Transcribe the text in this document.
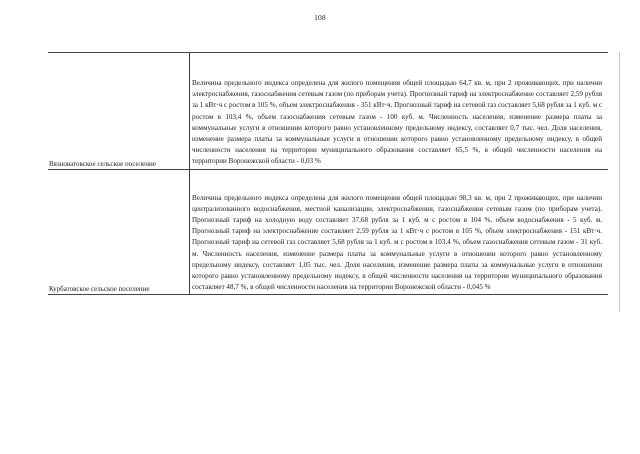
108
Вязноватовское сельское поселение
Величина предельного индекса определена для жилого помещения общей площадью 64,7 кв. м, при 2 проживающих, при наличии электроснабжения, газоснабжения сетевым газом (по приборам учета). Прогнозный тариф на электроснабжение составляет 2,59 рубля за 1 кВт·ч с ростом в 105 %, объем электроснабжения - 351 кВт·ч. Прогнозный тариф на сетевой газ составляет 5,68 рубля за 1 куб. м с ростом в 103,4 %, объем газоснабжения сетевым газом - 100 куб. м. Численность населения, изменение размера платы за коммунальные услуги в отношении которого равно установленному предельному индексу, составляет 0,7 тыс. чел. Доля населения, изменение размера платы за коммунальные услуги в отношении которого равно установленному предельному индексу, в общей численности населения на территории муниципального образования составляет 65,5 %, в общей численности населения на территории Воронежской области - 0,03 %
Курбатовское сельское поселение
Величина предельного индекса определена для жилого помещения общей площадью 98,3 кв. м, при 2 проживающих, при наличии централизованного водоснабжения, местной канализации, электроснабжения, газоснабжения сетевым газом (по приборам учета). Прогнозный тариф на холодную воду составляет 37,68 рубля за 1 куб. м с ростом в 104 %, объем водоснабжения - 5 куб. м. Прогнозный тариф на электроснабжение составляет 2,59 рубля за 1 кВт·ч с ростом в 105 %, объем электроснабжения - 151 кВт·ч. Прогнозный тариф на сетевой газ составляет 5,68 рубля за 1 куб. м с ростом в 103,4 %, объем газоснабжения сетевым газом - 31 куб. м. Численность населения, изменение размера платы за коммунальные услуги в отношении которого равно установленному предельному индексу, составляет 1,05 тыс. чел. Доля населения, изменение размера платы за коммунальные услуги в отношении которого равно установленному предельному индексу, в общей численности населения на территории муниципального образования составляет 48,7 %, в общей численности населения на территории Воронежской области - 0,045 %
